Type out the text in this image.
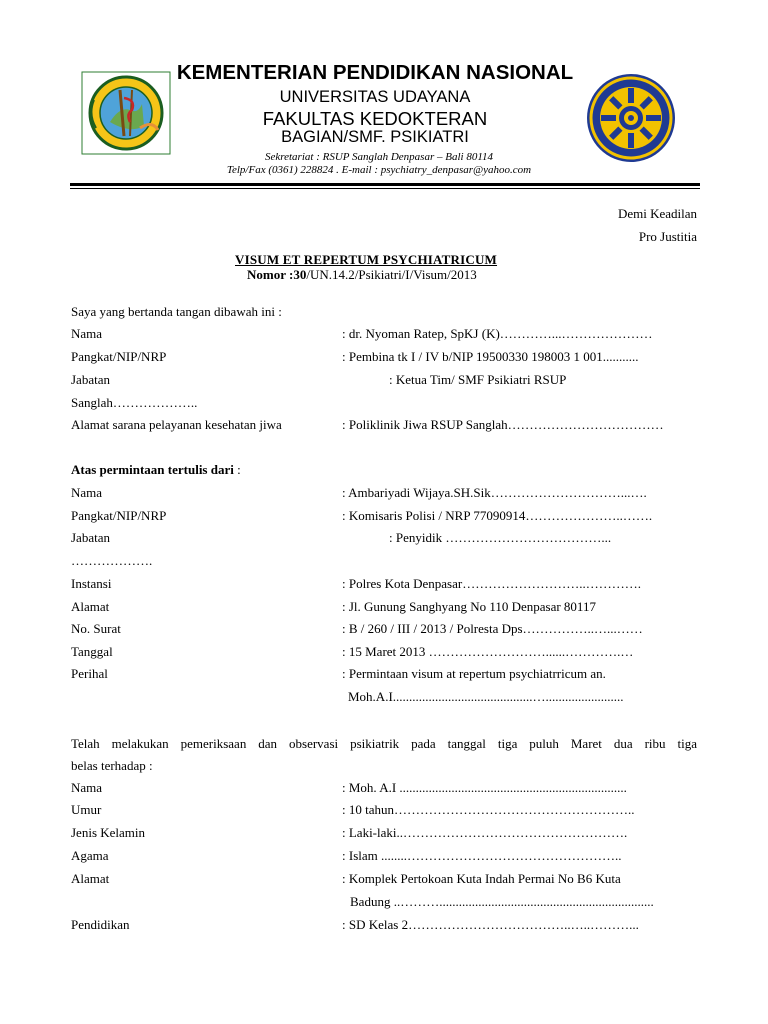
KEMENTERIAN PENDIDIKAN NASIONAL
UNIVERSITAS UDAYANA
FAKULTAS KEDOKTERAN
BAGIAN/SMF. PSIKIATRI
Sekretariat : RSUP Sanglah Denpasar – Bali 80114
Telp/Fax (0361) 228824 . E-mail : psychiatry_denpasar@yahoo.com
Demi Keadilan
Pro Justitia
VISUM ET REPERTUM PSYCHIATRICUM
Nomor :30/UN.14.2/Psikiatri/I/Visum/2013
Saya yang bertanda tangan dibawah ini :
Nama	: dr. Nyoman Ratep, SpKJ (K)…………...…………………
Pangkat/NIP/NRP	: Pembina tk I / IV b/NIP 19500330 198003 1 001...........
Jabatan	: Ketua Tim/ SMF Psikiatri RSUP
Sanglah………………..
Alamat sarana pelayanan kesehatan jiwa	: Poliklinik Jiwa RSUP Sanglah………………………………
Atas permintaan tertulis dari :
Nama	: Ambariyadi Wijaya.SH.Sik…………………………...….
Pangkat/NIP/NRP	: Komisaris Polisi / NRP 77090914…………………..…….
Jabatan	: Penyidik ………………………………...
……………….
Instansi	: Polres Kota Denpasar………………………..………….
Alamat	: Jl. Gunung Sanghyang No 110 Denpasar 80117
No. Surat	: B / 260 / III / 2013 / Polresta Dps……………..…...……
Tanggal	: 15 Maret 2013 ………………………......………….…
Perihal	: Permintaan visum at repertum psychiatrricum an.
Moh.A.I...........................................…........................
Telah melakukan pemeriksaan dan observasi psikiatrik pada tanggal tiga puluh Maret dua ribu tiga
belas terhadap :
Nama	: Moh. A.I ......................................................................
Umur	: 10 tahun………………………………………………..
Jenis Kelamin	: Laki-laki..…………………………………………….
Agama	: Islam ........…………………………………………..
Alamat	: Komplek Pertokoan Kuta Indah Permai No B6 Kuta
Badung ..………..................................................................
Pendidikan	: SD Kelas 2………………………………..…..………...
